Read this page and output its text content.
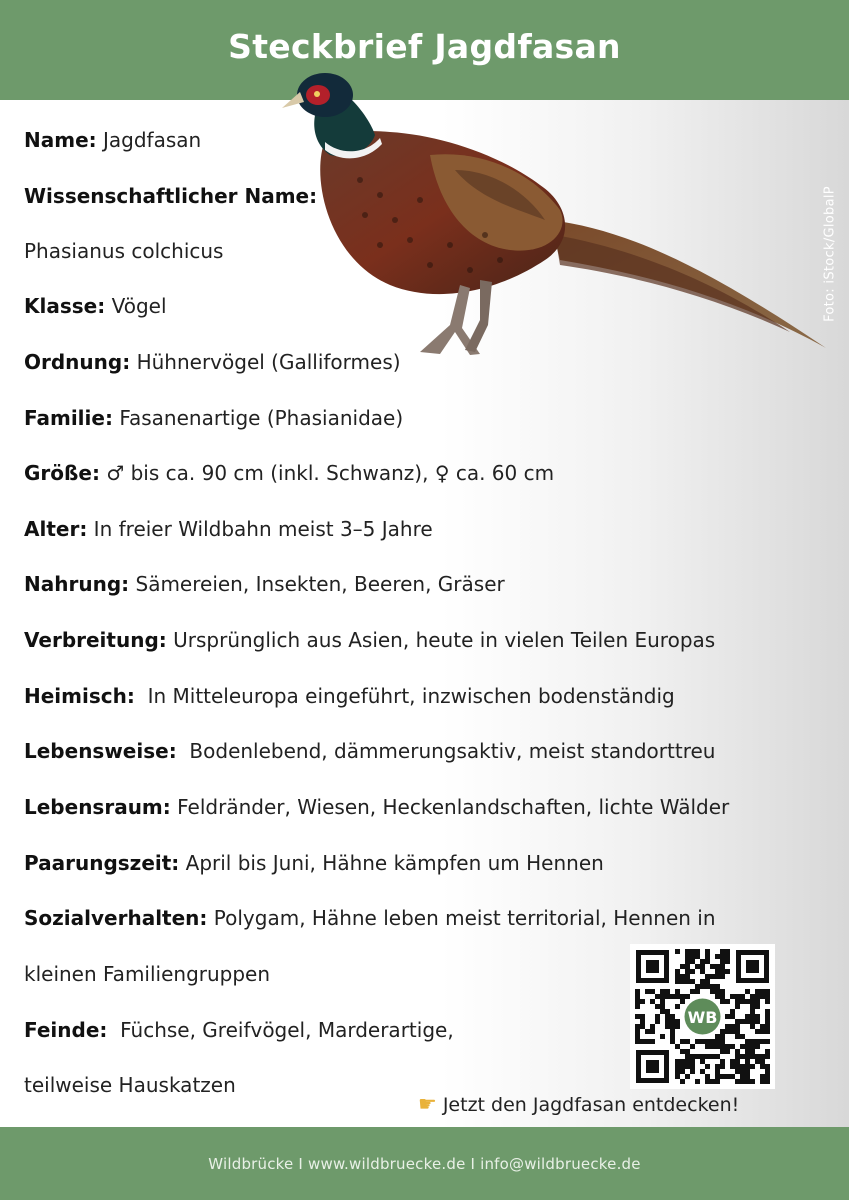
Steckbrief Jagdfasan
Foto: iStock/GlobalP
Name: Jagdfasan
Wissenschaftlicher Name:
Phasianus colchicus
Klasse: Vögel
Ordnung: Hühnervögel (Galliformes)
Familie: Fasanenartige (Phasianidae)
Größe: ♂ bis ca. 90 cm (inkl. Schwanz), ♀ ca. 60 cm
Alter: In freier Wildbahn meist 3–5 Jahre
Nahrung: Sämereien, Insekten, Beeren, Gräser
Verbreitung: Ursprünglich aus Asien, heute in vielen Teilen Europas
Heimisch:  In Mitteleuropa eingeführt, inzwischen bodenständig
Lebensweise:  Bodenlebend, dämmerungsaktiv, meist standorttreu
Lebensraum: Feldränder, Wiesen, Heckenlandschaften, lichte Wälder
Paarungszeit: April bis Juni, Hähne kämpfen um Hennen
Sozialverhalten: Polygam, Hähne leben meist territorial, Hennen in
kleinen Familiengruppen
Feinde:  Füchse, Greifvögel, Marderartige,
teilweise Hauskatzen
WB
☛ Jetzt den Jagdfasan entdecken!
Wildbrücke I www.wildbruecke.de I info@wildbruecke.de
